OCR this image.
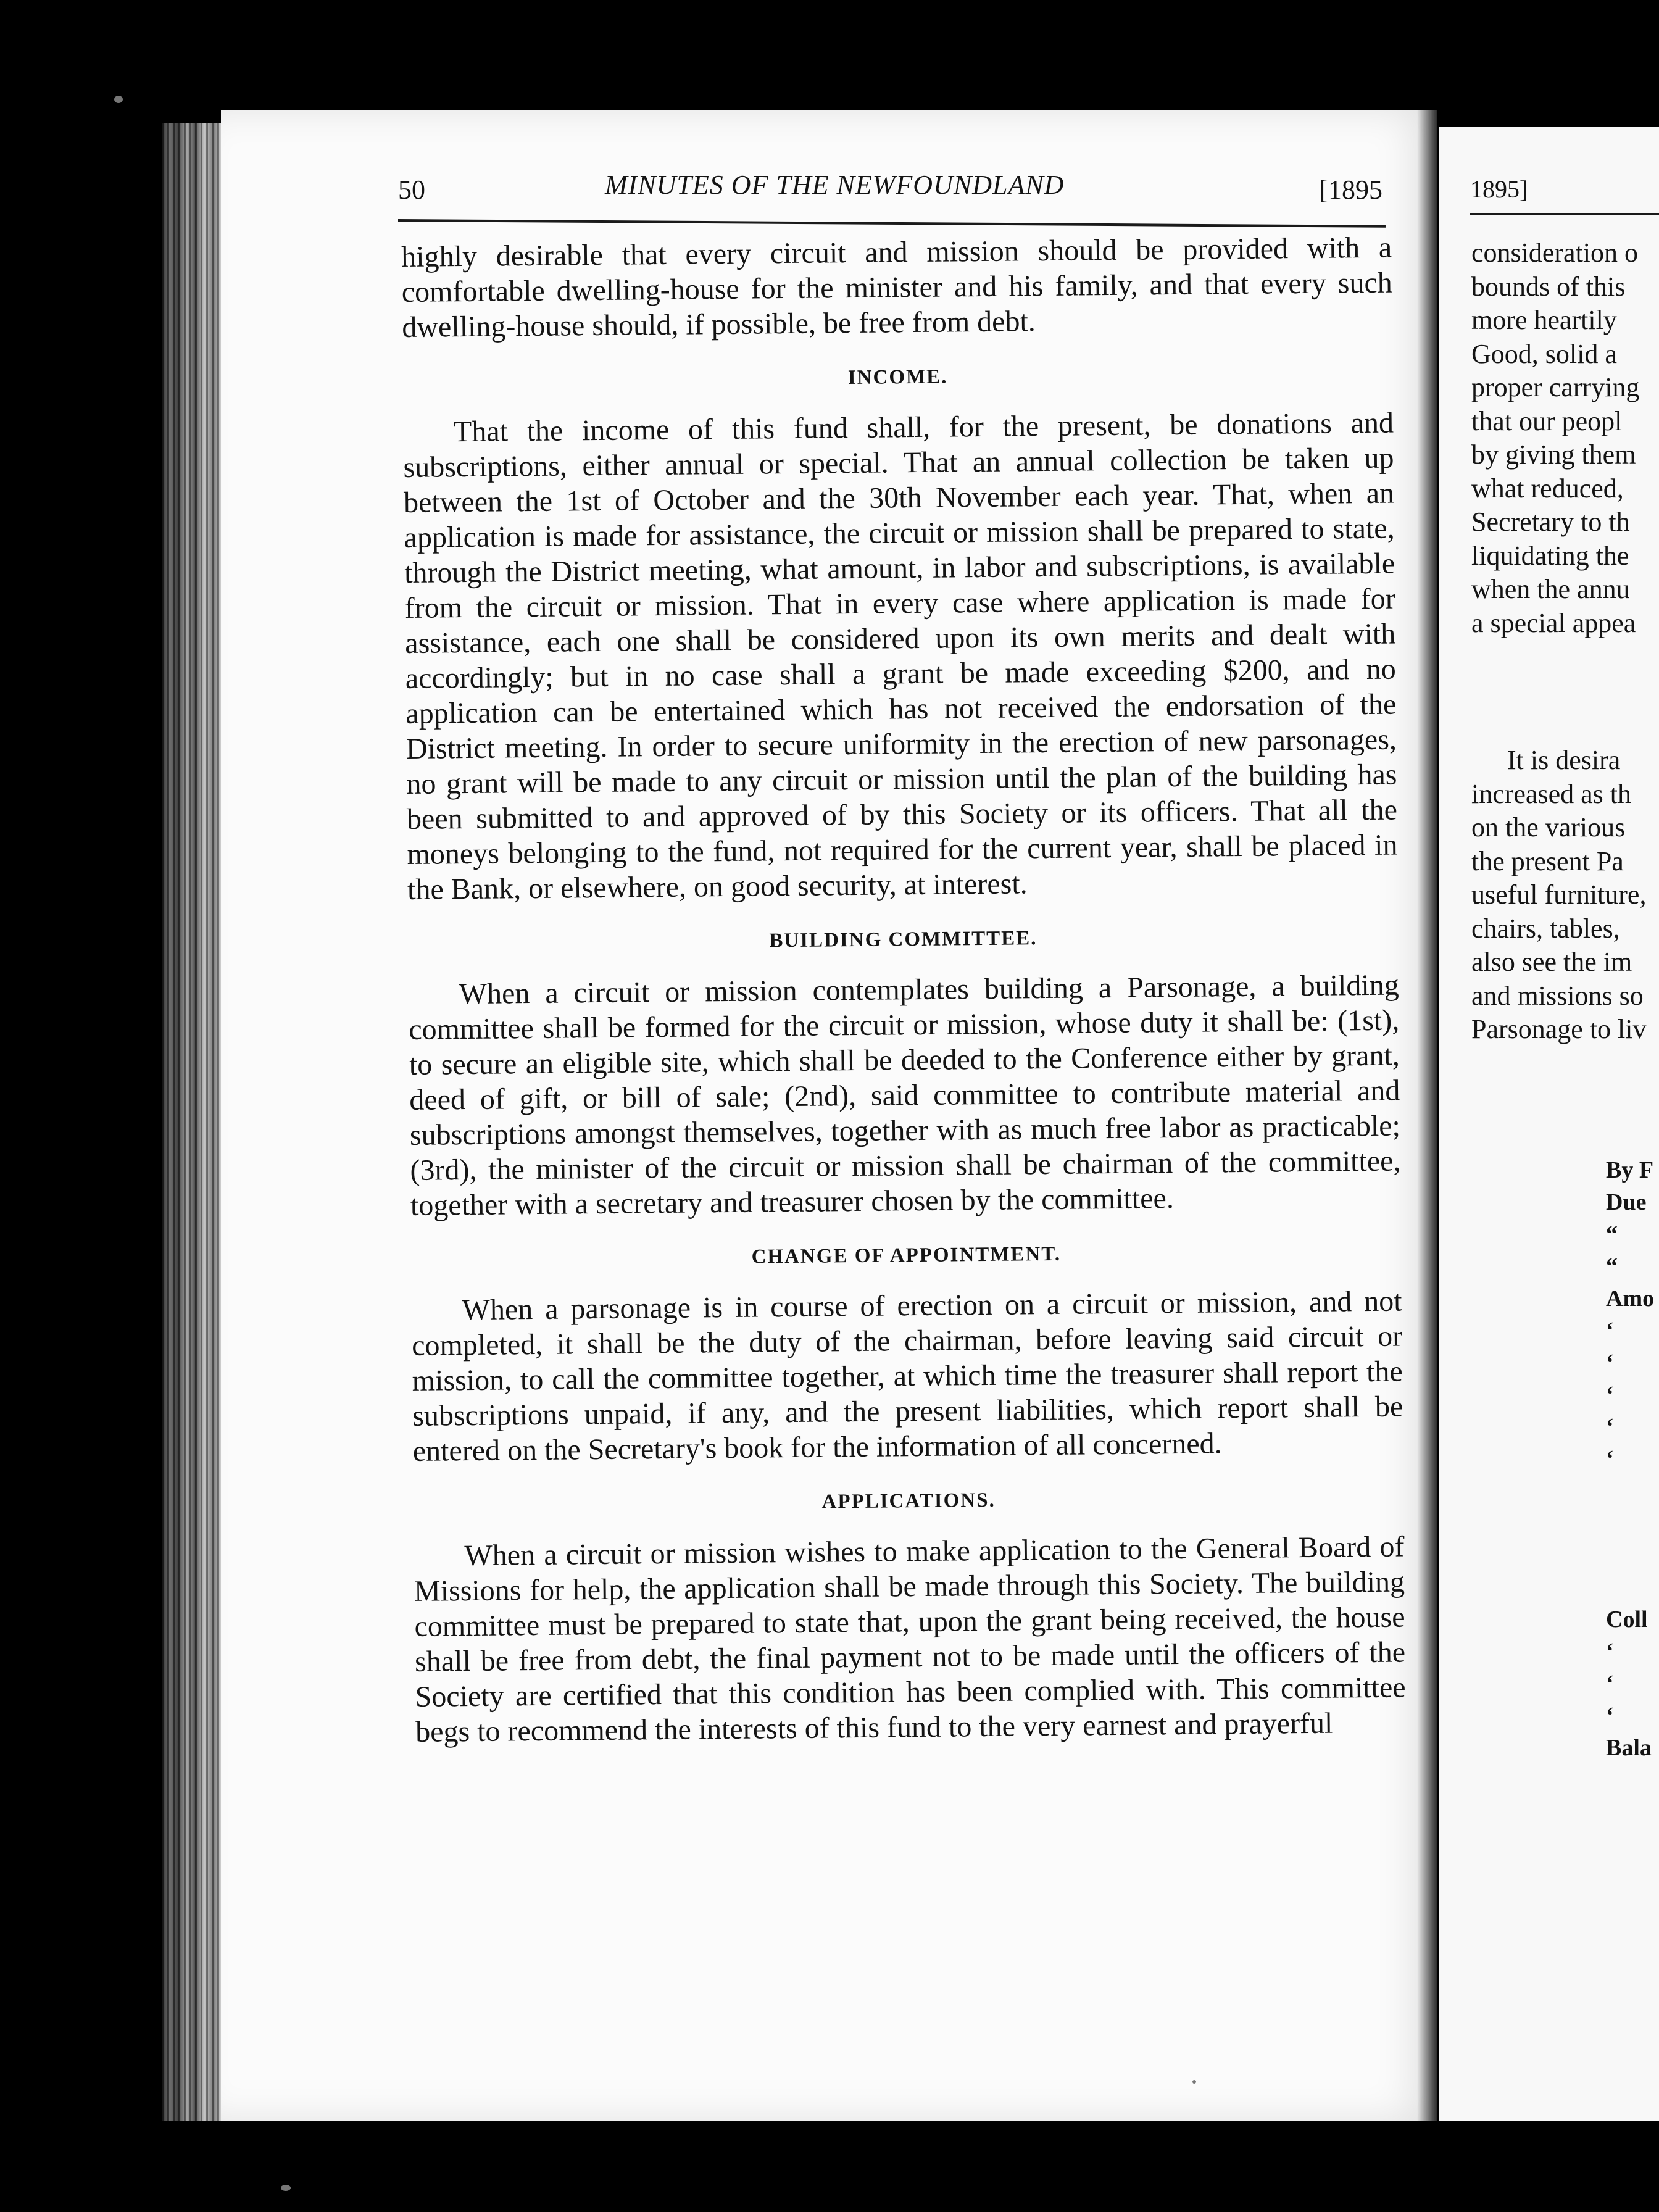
1895]
consideration o
bounds of this
more heartily
Good, solid a
proper carrying
that our peopl
by giving them
what reduced,
Secretary to th
liquidating the
when the annu
a special appea
It is desira
increased as th
on the various
the present Pa
useful furniture,
chairs, tables,
also see the im
and missions so
Parsonage to liv
By F
Due
“
“
Amo
‘
‘
‘
‘
‘

Coll
‘
‘
‘
Bala
50	MINUTES OF THE NEWFOUNDLAND	[1895

highly desirable that every circuit and mission should be provided with a comfortable dwelling-house for the minister and his family, and that every such dwelling-house should, if possible, be free from debt.

INCOME.

That the income of this fund shall, for the present, be donations and subscriptions, either annual or special. That an annual collection be taken up between the 1st of October and the 30th November each year. That, when an application is made for assistance, the circuit or mission shall be prepared to state, through the District meeting, what amount, in labor and subscriptions, is available from the circuit or mission. That in every case where application is made for assistance, each one shall be considered upon its own merits and dealt with accordingly; but in no case shall a grant be made exceeding $200, and no application can be entertained which has not received the endorsation of the District meeting. In order to secure uniformity in the erection of new parsonages, no grant will be made to any circuit or mission until the plan of the building has been submitted to and approved of by this Society or its officers. That all the moneys belonging to the fund, not required for the current year, shall be placed in the Bank, or elsewhere, on good security, at interest.

BUILDING COMMITTEE.

When a circuit or mission contemplates building a Parsonage, a building committee shall be formed for the circuit or mission, whose duty it shall be: (1st), to secure an eligible site, which shall be deeded to the Conference either by grant, deed of gift, or bill of sale; (2nd), said committee to contribute material and subscriptions amongst themselves, together with as much free labor as practicable; (3rd), the minister of the circuit or mission shall be chairman of the committee, together with a secretary and treasurer chosen by the committee.

CHANGE OF APPOINTMENT.

When a parsonage is in course of erection on a circuit or mission, and not completed, it shall be the duty of the chairman, before leaving said circuit or mission, to call the committee together, at which time the treasurer shall report the subscriptions unpaid, if any, and the present liabilities, which report shall be entered on the Secretary's book for the information of all concerned.

APPLICATIONS.

When a circuit or mission wishes to make application to the General Board of Missions for help, the application shall be made through this Society. The building committee must be prepared to state that, upon the grant being received, the house shall be free from debt, the final payment not to be made until the officers of the Society are certified that this condition has been complied with. This committee begs to recommend the interests of this fund to the very earnest and prayerful
